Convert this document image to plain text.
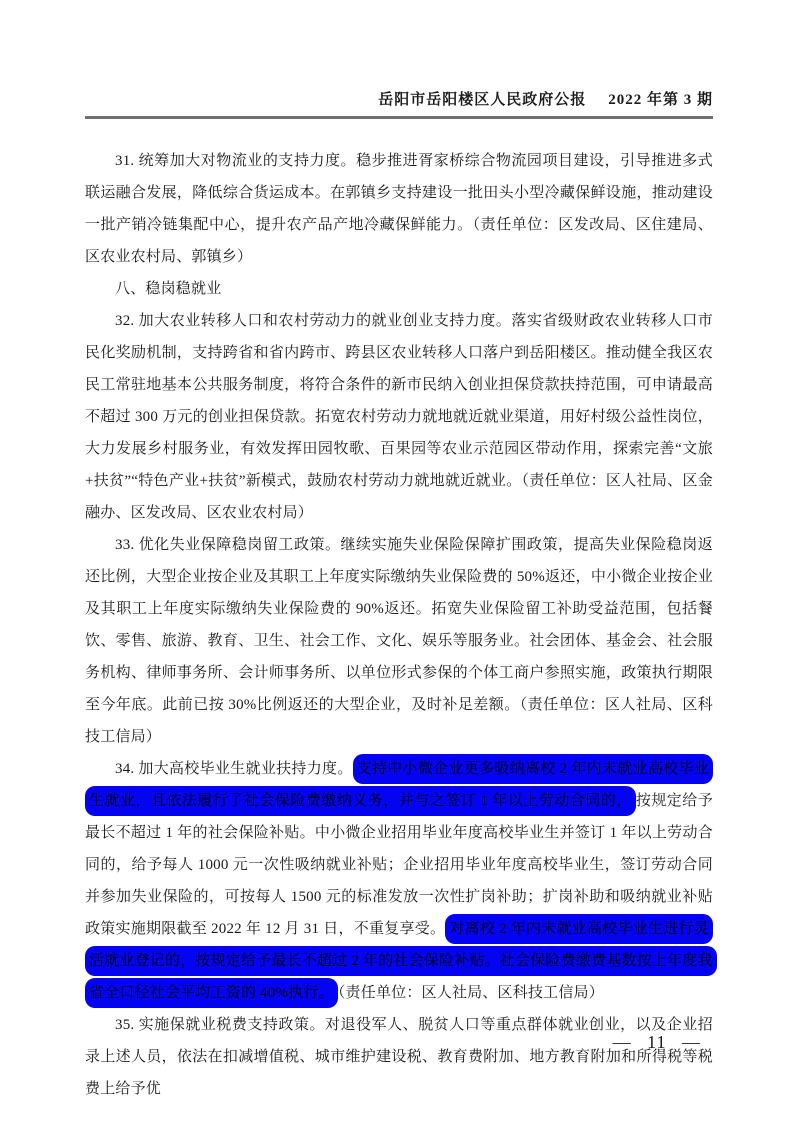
岳阳市岳阳楼区人民政府公报 2022 年第 3 期

31. 统筹加大对物流业的支持力度。稳步推进胥家桥综合物流园项目建设，引导推进多式联运融合发展，降低综合货运成本。在郭镇乡支持建设一批田头小型冷藏保鲜设施，推动建设一批产销冷链集配中心，提升农产品产地冷藏保鲜能力。（责任单位：区发改局、区住建局、区农业农村局、郭镇乡）

八、稳岗稳就业

32. 加大农业转移人口和农村劳动力的就业创业支持力度。落实省级财政农业转移人口市民化奖励机制，支持跨省和省内跨市、跨县区农业转移人口落户到岳阳楼区。推动健全我区农民工常驻地基本公共服务制度，将符合条件的新市民纳入创业担保贷款扶持范围，可申请最高不超过 300 万元的创业担保贷款。拓宽农村劳动力就地就近就业渠道，用好村级公益性岗位，大力发展乡村服务业，有效发挥田园牧歌、百果园等农业示范园区带动作用，探索完善“文旅+扶贫”“特色产业+扶贫”新模式，鼓励农村劳动力就地就近就业。（责任单位：区人社局、区金融办、区发改局、区农业农村局）

33. 优化失业保障稳岗留工政策。继续实施失业保险保障扩围政策，提高失业保险稳岗返还比例，大型企业按企业及其职工上年度实际缴纳失业保险费的 50%返还，中小微企业按企业及其职工上年度实际缴纳失业保险费的 90%返还。拓宽失业保险留工补助受益范围，包括餐饮、零售、旅游、教育、卫生、社会工作、文化、娱乐等服务业。社会团体、基金会、社会服务机构、律师事务所、会计师事务所、以单位形式参保的个体工商户参照实施，政策执行期限至今年底。此前已按 30%比例返还的大型企业，及时补足差额。（责任单位：区人社局、区科技工信局）

34. 加大高校毕业生就业扶持力度。 支持中小微企业更多吸纳离校 2 年内未就业高校毕业生就业，且依法履行了社会保险费缴纳义务，并与之签订 1 年以上劳动合同的， 按规定给予最长不超过 1 年的社会保险补贴。中小微企业招用毕业年度高校毕业生并签订 1 年以上劳动合同的，给予每人 1000 元一次性吸纳就业补贴；企业招用毕业年度高校毕业生，签订劳动合同并参加失业保险的，可按每人 1500 元的标准发放一次性扩岗补助；扩岗补助和吸纳就业补贴政策实施期限截至 2022 年 12 月 31 日，不重复享受。 对离校 2 年内未就业高校毕业生进行灵活就业登记的，按规定给予最长不超过 2 年的社会保险补贴。社会保险费缴费基数按上年度我省全口径社会平均工资的 40%执行。 （责任单位：区人社局、区科技工信局）

35. 实施保就业税费支持政策。对退役军人、脱贫人口等重点群体就业创业，以及企业招录上述人员，依法在扣减增值税、城市维护建设税、教育费附加、地方教育附加和所得税等税费上给予优

— 11 —
